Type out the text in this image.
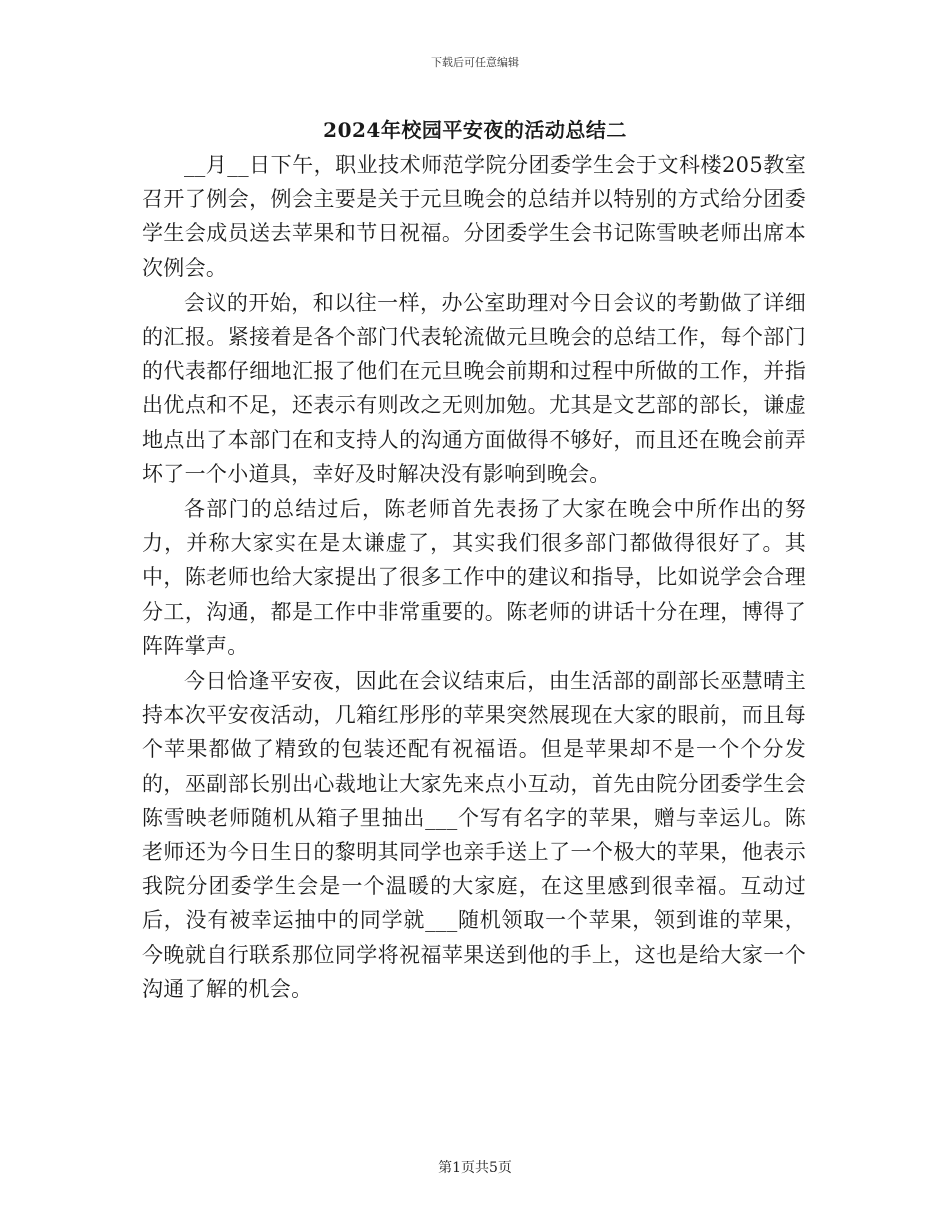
下载后可任意编辑
2024年校园平安夜的活动总结二

__月__日下午，职业技术师范学院分团委学生会于文科楼205教室召开了例会，例会主要是关于元旦晚会的总结并以特别的方式给分团委学生会成员送去苹果和节日祝福。分团委学生会书记陈雪映老师出席本次例会。

会议的开始，和以往一样，办公室助理对今日会议的考勤做了详细的汇报。紧接着是各个部门代表轮流做元旦晚会的总结工作，每个部门的代表都仔细地汇报了他们在元旦晚会前期和过程中所做的工作，并指出优点和不足，还表示有则改之无则加勉。尤其是文艺部的部长，谦虚地点出了本部门在和支持人的沟通方面做得不够好，而且还在晚会前弄坏了一个小道具，幸好及时解决没有影响到晚会。

各部门的总结过后，陈老师首先表扬了大家在晚会中所作出的努力，并称大家实在是太谦虚了，其实我们很多部门都做得很好了。其中，陈老师也给大家提出了很多工作中的建议和指导，比如说学会合理分工，沟通，都是工作中非常重要的。陈老师的讲话十分在理，博得了阵阵掌声。

今日恰逢平安夜，因此在会议结束后，由生活部的副部长巫慧晴主持本次平安夜活动，几箱红彤彤的苹果突然展现在大家的眼前，而且每个苹果都做了精致的包装还配有祝福语。但是苹果却不是一个个分发的，巫副部长别出心裁地让大家先来点小互动，首先由院分团委学生会陈雪映老师随机从箱子里抽出___个写有名字的苹果，赠与幸运儿。陈老师还为今日生日的黎明其同学也亲手送上了一个极大的苹果，他表示我院分团委学生会是一个温暖的大家庭，在这里感到很幸福。互动过后，没有被幸运抽中的同学就___随机领取一个苹果，领到谁的苹果，今晚就自行联系那位同学将祝福苹果送到他的手上，这也是给大家一个沟通了解的机会。

第1页共5页
